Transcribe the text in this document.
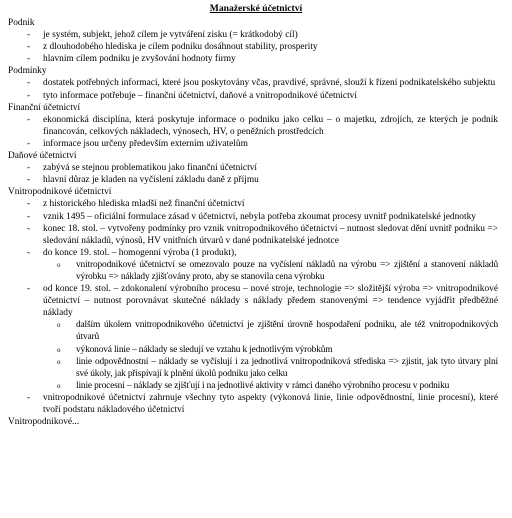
Manažerské účetnictví
Podnik
- je systém, subjekt, jehož cílem je vytváření zisku (= krátkodobý cíl)
- z dlouhodobého hlediska je cílem podniku dosáhnout stability, prosperity
- hlavním cílem podniku je zvyšování hodnoty firmy
Podmínky
- dostatek potřebných informací, které jsou poskytovány včas, pravdivé, správné, slouží k řízení podnikatelského subjektu
- tyto informace potřebuje – finanční účetnictví, daňové a vnitropodnikové účetnictví
Finanční účetnictví
- ekonomická disciplína, která poskytuje informace o podniku jako celku – o majetku, zdrojích, ze kterých je podnik financován, celkových nákladech, výnosech, HV, o peněžních prostředcích
- informace jsou určeny především externím uživatelům
Daňové účetnictví
- zabývá se stejnou problematikou jako finanční účetnictví
- hlavní důraz je kladen na vyčíslení základu daně z příjmu
Vnitropodnikové účetnictví
- z historického hlediska mladší než finanční účetnictví
- vznik 1495 – oficiální formulace zásad v účetnictví, nebyla potřeba zkoumat procesy uvnitř podnikatelské jednotky
- konec 18. stol. – vytvořeny podmínky pro vznik vnitropodnikového účetnictví – nutnost sledovat dění uvnitř podniku => sledování nákladů, výnosů, HV vnitřních útvarů v dané podnikatelské jednotce
- do konce 19. stol. – homogenní výroba (1 produkt),
o vnitropodnikové účetnictví se omezovalo pouze na vyčíslení nákladů na výrobu => zjištění a stanovení nákladů výrobku => náklady zjišťovány proto, aby se stanovila cena výrobku
- od konce 19. stol. – zdokonalení výrobního procesu – nové stroje, technologie => složitější výroba => vnitropodnikové účetnictví – nutnost porovnávat skutečné náklady s náklady předem stanovenými => tendence vyjádřit předběžné náklady
o dalším úkolem vnitropodnikového účetnictví je zjištění úrovně hospodaření podniku, ale též vnitropodnikových útvarů
o výkonová linie – náklady se sledují ve vztahu k jednotlivým výrobkům
o linie odpovědnostní – náklady se vyčíslují i za jednotlivá vnitropodniková střediska => zjistit, jak tyto útvary plní své úkoly, jak přispívají k plnění úkolů podniku jako celku
o linie procesní – náklady se zjišťují i na jednotlivé aktivity v rámci daného výrobního procesu v podniku
- vnitropodnikové účetnictví zahrnuje všechny tyto aspekty (výkonová linie, linie odpovědnostní, linie procesní), které tvoří podstatu nákladového účetnictví
Vnitropodnikové...
